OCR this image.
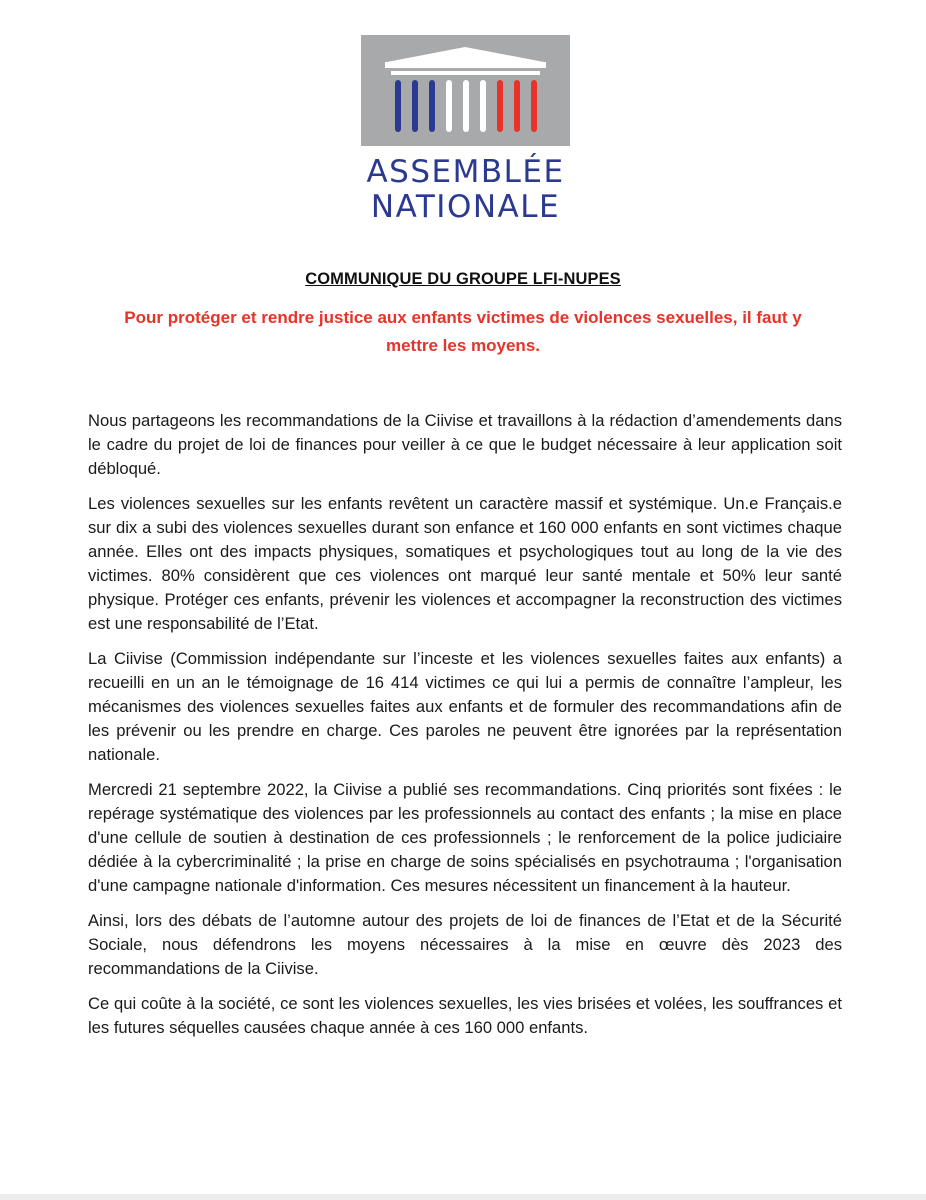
ASSEMBLÉE
NATIONALE
COMMUNIQUE DU GROUPE LFI-NUPES
Pour protéger et rendre justice aux enfants victimes de violences sexuelles, il faut y mettre les moyens.

Nous partageons les recommandations de la Ciivise et travaillons à la rédaction d’amendements dans le cadre du projet de loi de finances pour veiller à ce que le budget nécessaire à leur application soit débloqué.

Les violences sexuelles sur les enfants revêtent un caractère massif et systémique. Un.e Français.e sur dix a subi des violences sexuelles durant son enfance et 160 000 enfants en sont victimes chaque année. Elles ont des impacts physiques, somatiques et psychologiques tout au long de la vie des victimes. 80% considèrent que ces violences ont marqué leur santé mentale et 50% leur santé physique. Protéger ces enfants, prévenir les violences et accompagner la reconstruction des victimes est une responsabilité de l’Etat.

La Ciivise (Commission indépendante sur l’inceste et les violences sexuelles faites aux enfants) a recueilli en un an le témoignage de 16 414 victimes ce qui lui a permis de connaître l’ampleur, les mécanismes des violences sexuelles faites aux enfants et de formuler des recommandations afin de les prévenir ou les prendre en charge. Ces paroles ne peuvent être ignorées par la représentation nationale.

Mercredi 21 septembre 2022, la Ciivise a publié ses recommandations. Cinq priorités sont fixées : le repérage systématique des violences par les professionnels au contact des enfants ; la mise en place d'une cellule de soutien à destination de ces professionnels ; le renforcement de la police judiciaire dédiée à la cybercriminalité ; la prise en charge de soins spécialisés en psychotrauma ; l'organisation d'une campagne nationale d'information. Ces mesures nécessitent un financement à la hauteur.

Ainsi, lors des débats de l’automne autour des projets de loi de finances de l’Etat et de la Sécurité Sociale, nous défendrons les moyens nécessaires à la mise en œuvre dès 2023 des recommandations de la Ciivise.

Ce qui coûte à la société, ce sont les violences sexuelles, les vies brisées et volées, les souffrances et les futures séquelles causées chaque année à ces 160 000 enfants.
